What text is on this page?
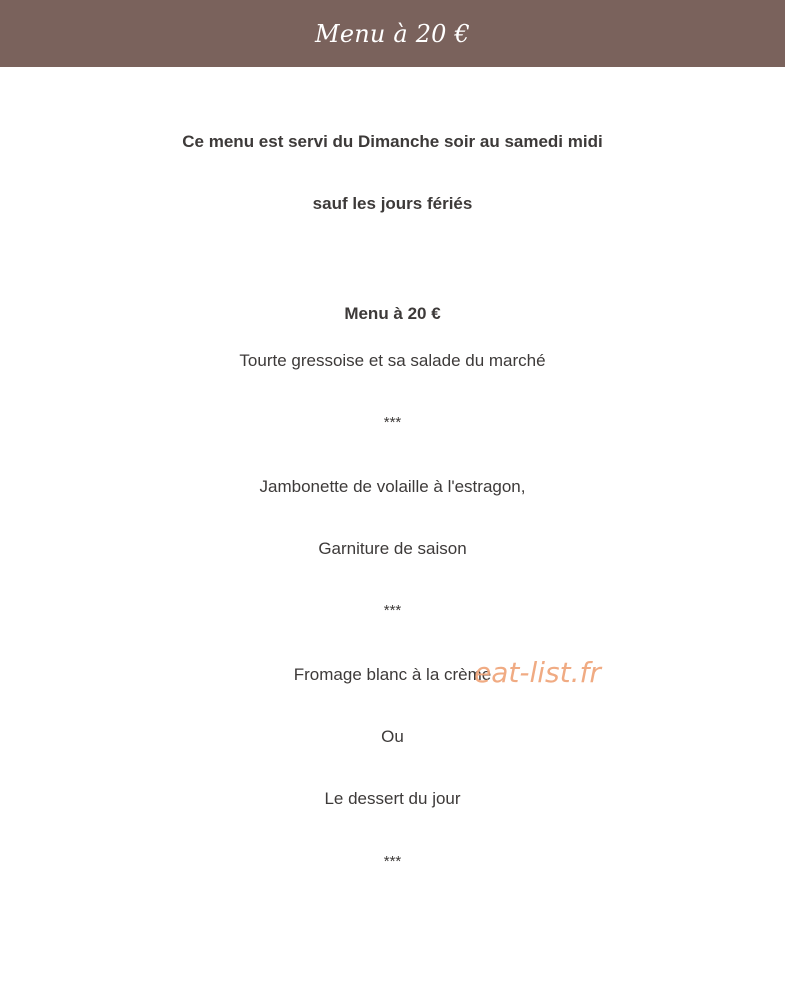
Menu à 20 €
Ce menu est servi du Dimanche soir au samedi midi
sauf les jours fériés
Menu à 20 €
Tourte gressoise et sa salade du marché
***
Jambonette de volaille à l'estragon,
Garniture de saison
***
Fromage blanc à la crème
Ou
Le dessert du jour
***
eat-list.fr
